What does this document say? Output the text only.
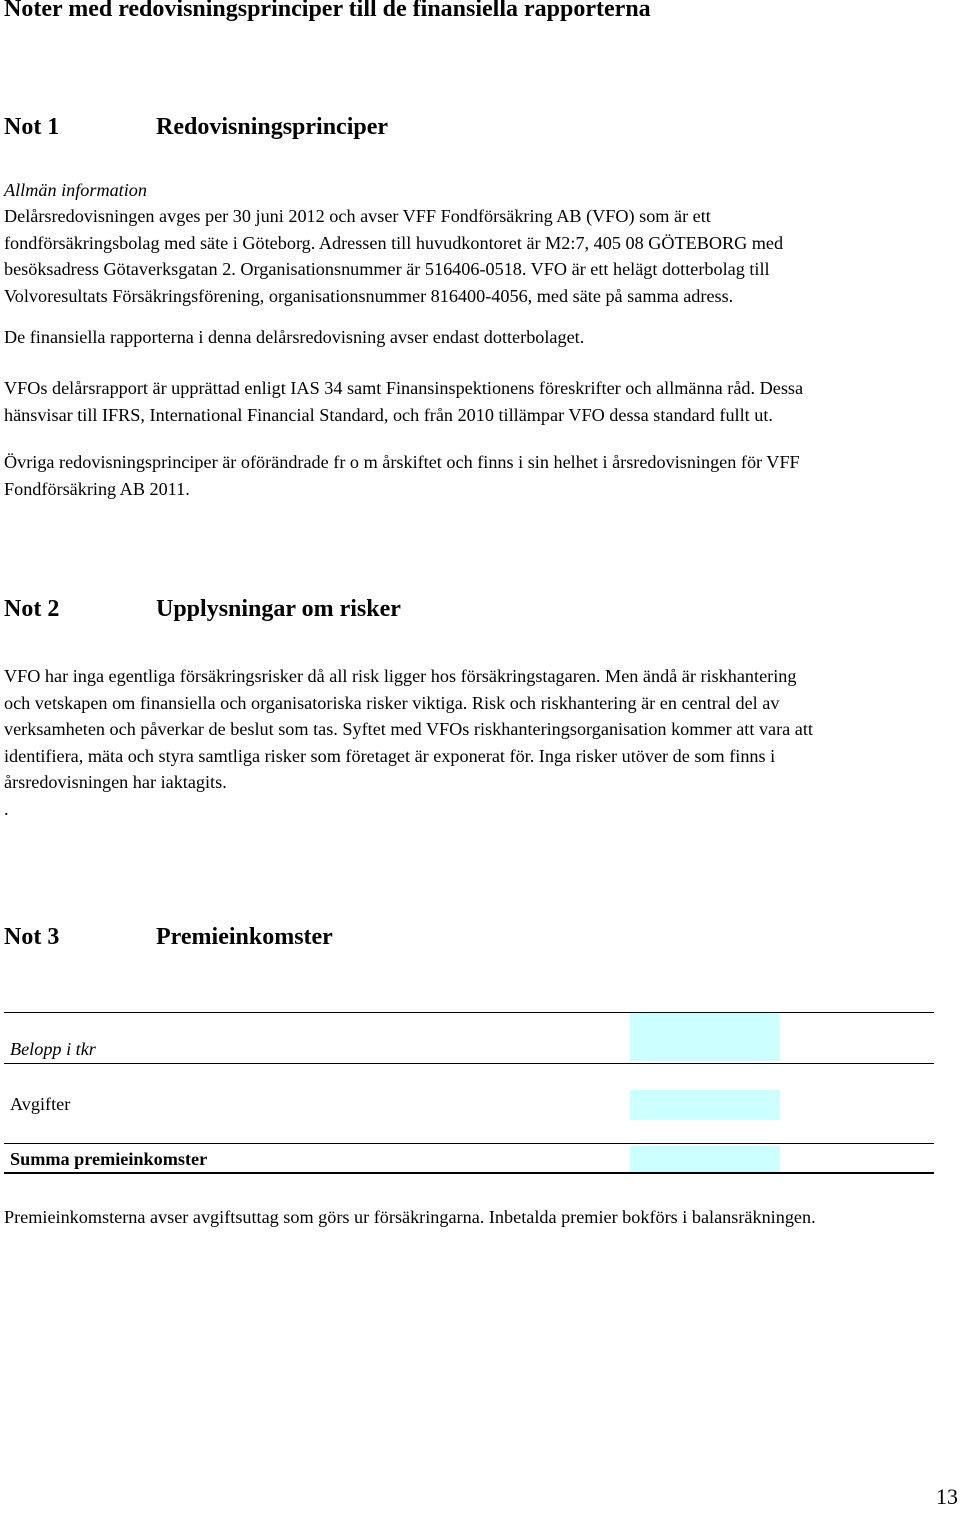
Noter med redovisningsprinciper till de finansiella rapporterna
Not 1	Redovisningsprinciper
Allmän information
Delårsredovisningen avges per 30 juni 2012 och avser VFF Fondförsäkring AB (VFO) som är ett
fondförsäkringsbolag med säte i Göteborg. Adressen till huvudkontoret är M2:7, 405 08 GÖTEBORG med
besöksadress Götaverksgatan 2. Organisationsnummer är 516406-0518. VFO är ett helägt dotterbolag till
Volvoresultats Försäkringsförening, organisationsnummer 816400-4056, med säte på samma adress.
De finansiella rapporterna i denna delårsredovisning avser endast dotterbolaget.
VFOs delårsrapport är upprättad enligt IAS 34 samt Finansinspektionens föreskrifter och allmänna råd. Dessa
hänsvisar till IFRS, International Financial Standard, och från 2010 tillämpar VFO dessa standard fullt ut.
Övriga redovisningsprinciper är oförändrade fr o m årskiftet och finns i sin helhet i årsredovisningen för VFF
Fondförsäkring AB 2011.
Not 2	Upplysningar om risker
VFO har inga egentliga försäkringsrisker då all risk ligger hos försäkringstagaren. Men ändå är riskhantering
och vetskapen om finansiella och organisatoriska risker viktiga. Risk och riskhantering är en central del av
verksamheten och påverkar de beslut som tas. Syftet med VFOs riskhanteringsorganisation kommer att vara att
identifiera, mäta och styra samtliga risker som företaget är exponerat för. Inga risker utöver de som finns i
årsredovisningen har iaktagits.
.
Not 3	Premieinkomster
Belopp i tkr
Avgifter
Summa premieinkomster
Premieinkomsterna avser avgiftsuttag som görs ur försäkringarna. Inbetalda premier bokförs i balansräkningen.
13
